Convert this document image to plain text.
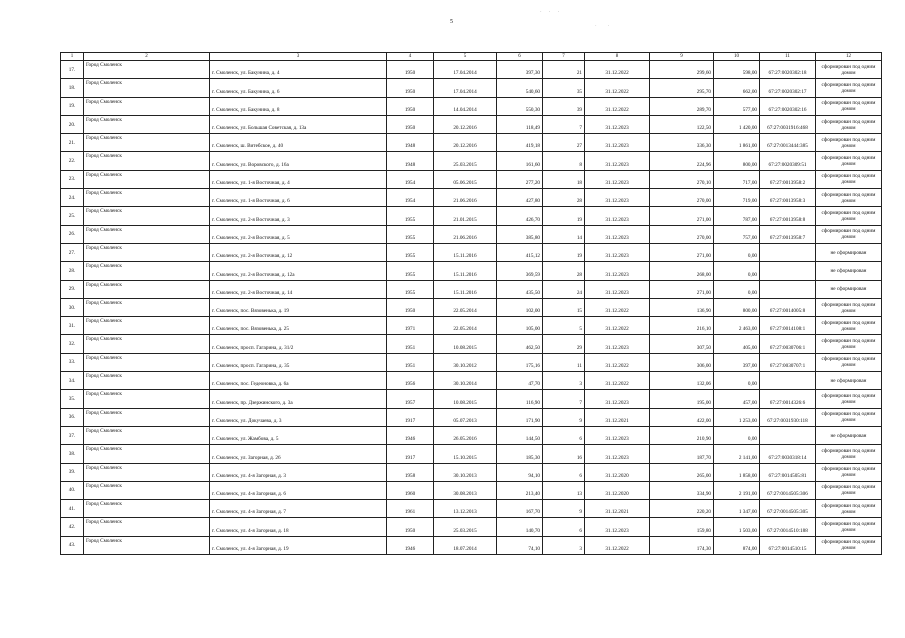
5
· · ·
· ·
1	2	3	4	5	6	7	8	9	10	11	12
17.	Город Смоленск	г. Смоленск, ул. Бакунина, д. 4	1950	17.04.2014	397,30	21	31.12.2022	299,60	598,00	67:27:0020302:18	сформирован под одним домом
18.	Город Смоленск	г. Смоленск, ул. Бакунина, д. 6	1950	17.04.2014	540,60	35	31.12.2022	295,70	662,00	67:27:0020302:17	сформирован под одним домом
19.	Город Смоленск	г. Смоленск, ул. Бакунина, д. 8	1950	14.04.2014	550,30	39	31.12.2022	289,70	577,00	67:27:0020302:16	сформирован под одним домом
20.	Город Смоленск	г. Смоленск, ул. Большая Советская, д. 13а	1950	20.12.2016	118,49	7	31.12.2023	122,50	1 420,00	67:27:0031916:468	сформирован под одним домом
21.	Город Смоленск	г. Смоленск, ш. Витебское, д. 40	1948	20.12.2016	419,18	27	31.12.2023	336,30	1 861,00	67:27:0013444:385	сформирован под одним домом
22.	Город Смоленск	г. Смоленск, ул. Воровского, д. 16а	1948	25.03.2015	161,60	8	31.12.2023	224,96	800,00	67:27:0020309:51	сформирован под одним домом
23.	Город Смоленск	г. Смоленск, ул. 1-я Восточная, д. 4	1954	05.06.2015	277,20	18	31.12.2023	270,10	717,00	67:27:0013958:2	сформирован под одним домом
24.	Город Смоленск	г. Смоленск, ул. 1-я Восточная, д. 6	1954	21.06.2016	427,80	28	31.12.2023	270,00	719,00	67:27:0013958:3	сформирован под одним домом
25.	Город Смоленск	г. Смоленск, ул. 2-я Восточная, д. 3	1955	21.01.2015	426,70	19	31.12.2023	271,00	787,00	67:27:0013958:8	сформирован под одним домом
26.	Город Смоленск	г. Смоленск, ул. 2-я Восточная, д. 5	1955	21.06.2016	385,80	14	31.12.2023	270,00	757,00	67:27:0013958:7	сформирован под одним домом
27.	Город Смоленск	г. Смоленск, ул. 2-я Восточная, д. 12	1955	15.11.2016	415,12	19	31.12.2023	271,00	0,00		не сформирован
28.	Город Смоленск	г. Смоленск, ул. 2-я Восточная, д. 12а	1955	15.11.2016	369,59	28	31.12.2023	268,00	0,00		не сформирован
29.	Город Смоленск	г. Смоленск, ул. 2-я Восточная, д. 14	1955	15.11.2016	435,50	24	31.12.2023	271,00	0,00		не сформирован
30.	Город Смоленск	г. Смоленск, пос. Вязовенька, д. 19	1950	22.05.2014	102,00	15	31.12.2022	136,90	800,00	67:27:0014005:8	сформирован под одним домом
31.	Город Смоленск	г. Смоленск, пос. Вязовенька, д. 25	1971	22.05.2014	105,00	5	31.12.2022	216,10	2 463,00	67:27:0014108:1	сформирован под одним домом
32.	Город Смоленск	г. Смоленск, просп. Гагарина, д. 31/2	1951	10.08.2015	462,50	29	31.12.2023	307,50	405,00	67:27:0030706:1	сформирован под одним домом
33.	Город Смоленск	г. Смоленск, просп. Гагарина, д. 35	1951	30.10.2012	175,16	11	31.12.2022	306,00	397,00	67:27:0030707:1	сформирован под одним домом
34.	Город Смоленск	г. Смоленск, пос. Гедеоновка, д. 6а	1956	30.10.2014	47,70	3	31.12.2022	132,06	0,00		не сформирован
35.	Город Смоленск	г. Смоленск, пр. Дзержинского, д. 3а	1957	10.08.2015	116,90	7	31.12.2023	195,00	457,00	67:27:0014326:6	сформирован под одним домом
36.	Город Смоленск	г. Смоленск, ул. Докучаева, д. 3	1917	05.07.2013	171,90	9	31.12.2021	422,00	1 253,00	67:27:0031930:118	сформирован под одним домом
37.	Город Смоленск	г. Смоленск, ул. Жамбова, д. 5	1946	26.05.2016	144,50	6	31.12.2023	210,90	0,00		не сформирован
38.	Город Смоленск	г. Смоленск, ул. Загорная, д. 26	1917	15.10.2015	185,30	16	31.12.2023	187,70	2 141,00	67:27:0030318:14	сформирован под одним домом
39.	Город Смоленск	г. Смоленск, ул. 4-я Загорная, д. 3	1958	30.10.2013	94,10	6	31.12.2020	265,00	1 858,00	67:27:0014505:81	сформирован под одним домом
40.	Город Смоленск	г. Смоленск, ул. 4-я Загорная, д. 6	1960	30.08.2013	213,40	13	31.12.2020	334,90	2 191,00	67:27:0014505:306	сформирован под одним домом
41.	Город Смоленск	г. Смоленск, ул. 4-я Загорная, д. 7	1961	13.12.2013	167,70	9	31.12.2021	220,20	1 347,00	67:27:0014505:305	сформирован под одним домом
42.	Город Смоленск	г. Смоленск, ул. 4-я Загорная, д. 18	1950	25.03.2015	140,70	6	31.12.2023	159,80	1 503,00	67:27:0014510:188	сформирован под одним домом
43.	Город Смоленск	г. Смоленск, ул. 4-я Загорная, д. 19	1946	18.07.2014	74,10	3	31.12.2022	174,30	874,00	67:27:0014510:15	сформирован под одним домом
